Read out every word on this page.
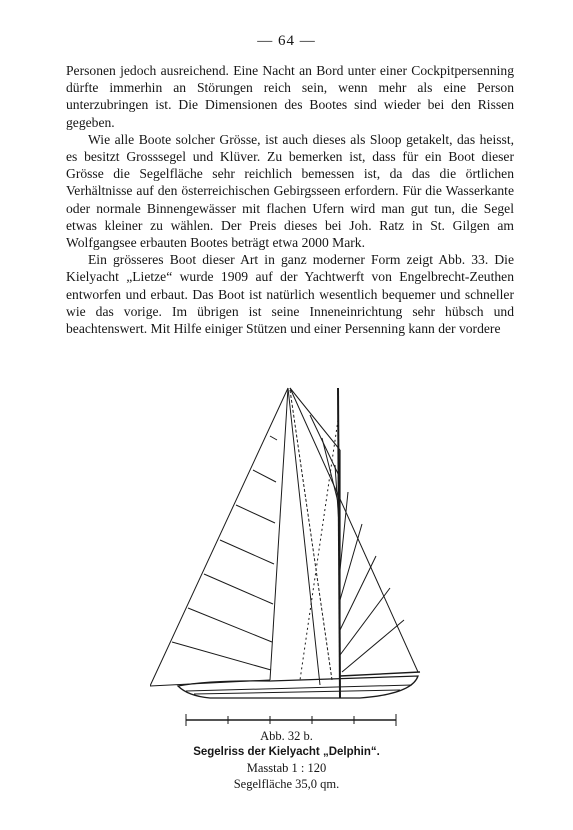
— 64 —

Personen jedoch ausreichend. Eine Nacht an Bord unter einer Cockpitpersenning dürfte immerhin an Störungen reich sein, wenn mehr als eine Person unterzubringen ist. Die Dimensionen des Bootes sind wieder bei den Rissen gegeben.

Wie alle Boote solcher Grösse, ist auch dieses als Sloop getakelt, das heisst, es besitzt Grosssegel und Klüver. Zu bemerken ist, dass für ein Boot dieser Grösse die Segelfläche sehr reichlich bemessen ist, da das die örtlichen Verhältnisse auf den österreichischen Gebirgsseen erfordern. Für die Wasserkante oder normale Binnengewässer mit flachen Ufern wird man gut tun, die Segel etwas kleiner zu wählen. Der Preis dieses bei Joh. Ratz in St. Gilgen am Wolfgangsee erbauten Bootes beträgt etwa 2000 Mark.

Ein grösseres Boot dieser Art in ganz moderner Form zeigt Abb. 33. Die Kielyacht „Lietze“ wurde 1909 auf der Yachtwerft von Engelbrecht-Zeuthen entworfen und erbaut. Das Boot ist natürlich wesentlich bequemer und schneller wie das vorige. Im übrigen ist seine Inneneinrichtung sehr hübsch und beachtenswert. Mit Hilfe einiger Stützen und einer Persenning kann der vordere

Abb. 32 b.
Segelriss der Kielyacht „Delphin“.
Masstab 1 : 120
Segelfläche 35,0 qm.
